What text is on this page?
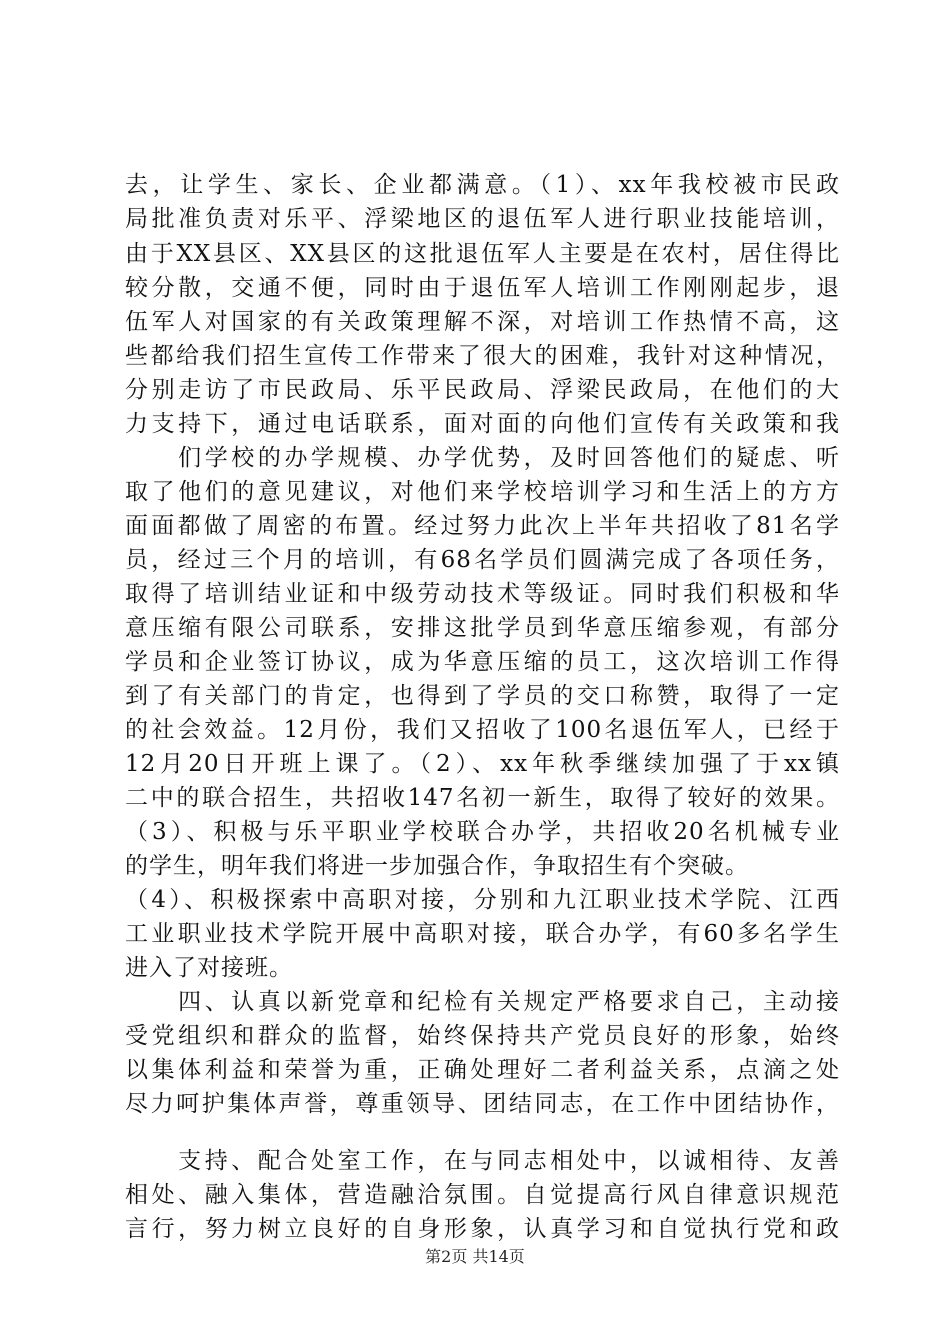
去，让学生、家长、企业都满意。（1）、xx年我校被市民政
局批准负责对乐平、浮梁地区的退伍军人进行职业技能培训，
由于XX县区、XX县区的这批退伍军人主要是在农村，居住得比
较分散，交通不便，同时由于退伍军人培训工作刚刚起步，退
伍军人对国家的有关政策理解不深，对培训工作热情不高，这
些都给我们招生宣传工作带来了很大的困难，我针对这种情况，
分别走访了市民政局、乐平民政局、浮梁民政局，在他们的大
力支持下，通过电话联系，面对面的向他们宣传有关政策和我
　　们学校的办学规模、办学优势，及时回答他们的疑虑、听
取了他们的意见建议，对他们来学校培训学习和生活上的方方
面面都做了周密的布置。经过努力此次上半年共招收了81名学
员，经过三个月的培训，有68名学员们圆满完成了各项任务，
取得了培训结业证和中级劳动技术等级证。同时我们积极和华
意压缩有限公司联系，安排这批学员到华意压缩参观，有部分
学员和企业签订协议，成为华意压缩的员工，这次培训工作得
到了有关部门的肯定，也得到了学员的交口称赞，取得了一定
的社会效益。12月份，我们又招收了100名退伍军人，已经于
12月20日开班上课了。（2）、xx年秋季继续加强了于xx镇
二中的联合招生，共招收147名初一新生，取得了较好的效果。
（3）、积极与乐平职业学校联合办学，共招收20名机械专业
的学生，明年我们将进一步加强合作，争取招生有个突破。
（4）、积极探索中高职对接，分别和九江职业技术学院、江西
工业职业技术学院开展中高职对接，联合办学，有60多名学生
进入了对接班。
　　四、认真以新党章和纪检有关规定严格要求自己，主动接
受党组织和群众的监督，始终保持共产党员良好的形象，始终
以集体利益和荣誉为重，正确处理好二者利益关系，点滴之处
尽力呵护集体声誉，尊重领导、团结同志，在工作中团结协作，
　　支持、配合处室工作，在与同志相处中，以诚相待、友善
相处、融入集体，营造融洽氛围。自觉提高行风自律意识规范
言行，努力树立良好的自身形象，认真学习和自觉执行党和政
第2页 共14页
